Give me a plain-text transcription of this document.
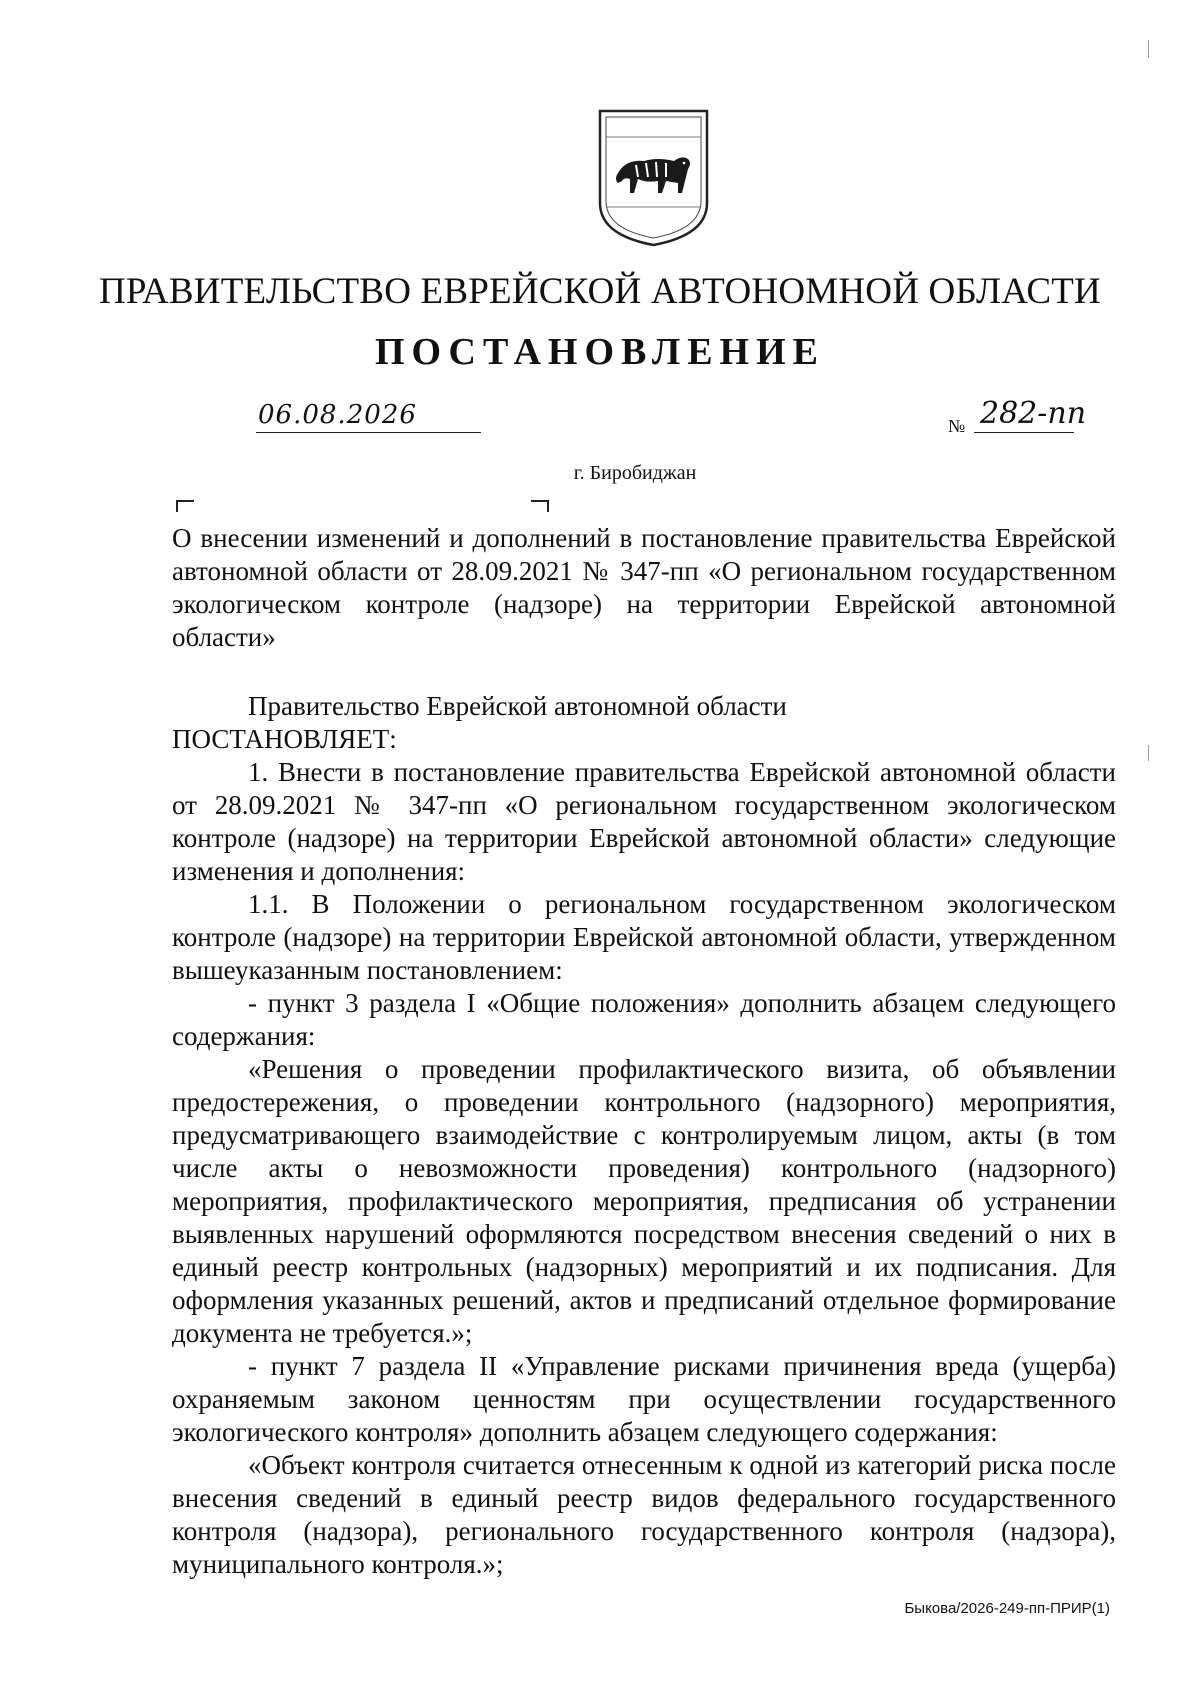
ПРАВИТЕЛЬСТВО ЕВРЕЙСКОЙ АВТОНОМНОЙ ОБЛАСТИ
ПОСТАНОВЛЕНИЕ
06.08.2026	№ 282-пп
г. Биробиджан
О внесении изменений и дополнений в постановление правительства Еврейской автономной области от 28.09.2021 № 347-пп «О региональном государственном экологическом контроле (надзоре) на территории Еврейской автономной области»

Правительство Еврейской автономной области

ПОСТАНОВЛЯЕТ:

1. Внести в постановление правительства Еврейской автономной области от 28.09.2021 № 347-пп «О региональном государственном экологическом контроле (надзоре) на территории Еврейской автономной области» следующие изменения и дополнения:

1.1. В Положении о региональном государственном экологическом контроле (надзоре) на территории Еврейской автономной области, утвержденном вышеуказанным постановлением:

- пункт 3 раздела I «Общие положения» дополнить абзацем следующего содержания:

«Решения о проведении профилактического визита, об объявлении предостережения, о проведении контрольного (надзорного) мероприятия, предусматривающего взаимодействие с контролируемым лицом, акты (в том числе акты о невозможности проведения) контрольного (надзорного) мероприятия, профилактического мероприятия, предписания об устранении выявленных нарушений оформляются посредством внесения сведений о них в единый реестр контрольных (надзорных) мероприятий и их подписания. Для оформления указанных решений, актов и предписаний отдельное формирование документа не требуется.»;

- пункт 7 раздела II «Управление рисками причинения вреда (ущерба) охраняемым законом ценностям при осуществлении государственного экологического контроля» дополнить абзацем следующего содержания:

«Объект контроля считается отнесенным к одной из категорий риска после внесения сведений в единый реестр видов федерального государственного контроля (надзора), регионального государственного контроля (надзора), муниципального контроля.»;

Быкова/2026-249-пп-ПРИР(1)
